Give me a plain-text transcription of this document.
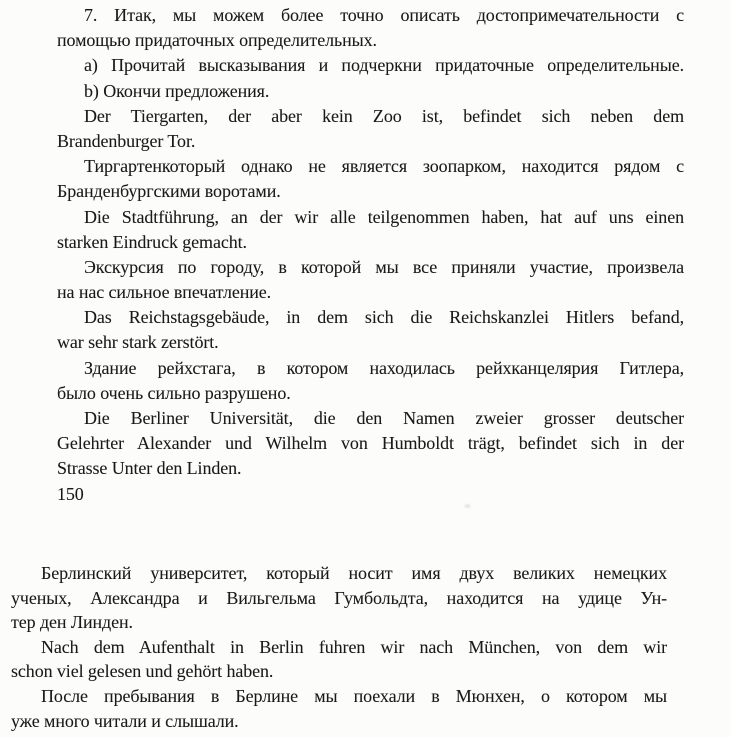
7. Итак, мы можем более точно описать достопримечательности с
помощью придаточных определительных.
a) Прочитай высказывания и подчеркни придаточные определительные.
b) Окончи предложения.
Der Tiergarten, der aber kein Zoo ist, befindet sich neben dem
Brandenburger Tor.
Тиргартенкоторый однако не является зоопарком, находится рядом с
Бранденбургскими воротами.
Die Stadtführung, an der wir alle teilgenommen haben, hat auf uns einen
starken Eindruck gemacht.
Экскурсия по городу, в которой мы все приняли участие, произвела
на нас сильное впечатление.
Das Reichstagsgebäude, in dem sich die Reichskanzlei Hitlers befand,
war sehr stark zerstört.
Здание рейхстага, в котором находилась рейхканцелярия Гитлера,
было очень сильно разрушено.
Die Berliner Universität, die den Namen zweier grosser deutscher
Gelehrter Alexander und Wilhelm von Humboldt trägt, befindet sich in der
Strasse Unter den Linden.
150
Берлинский университет, который носит имя двух великих немецких
ученых, Александра и Вильгельма Гумбольдта, находится на удице Ун-
тер ден Линден.
Nach dem Aufenthalt in Berlin fuhren wir nach München, von dem wir
schon viel gelesen und gehört haben.
После пребывания в Берлине мы поехали в Мюнхен, о котором мы
уже много читали и слышали.
